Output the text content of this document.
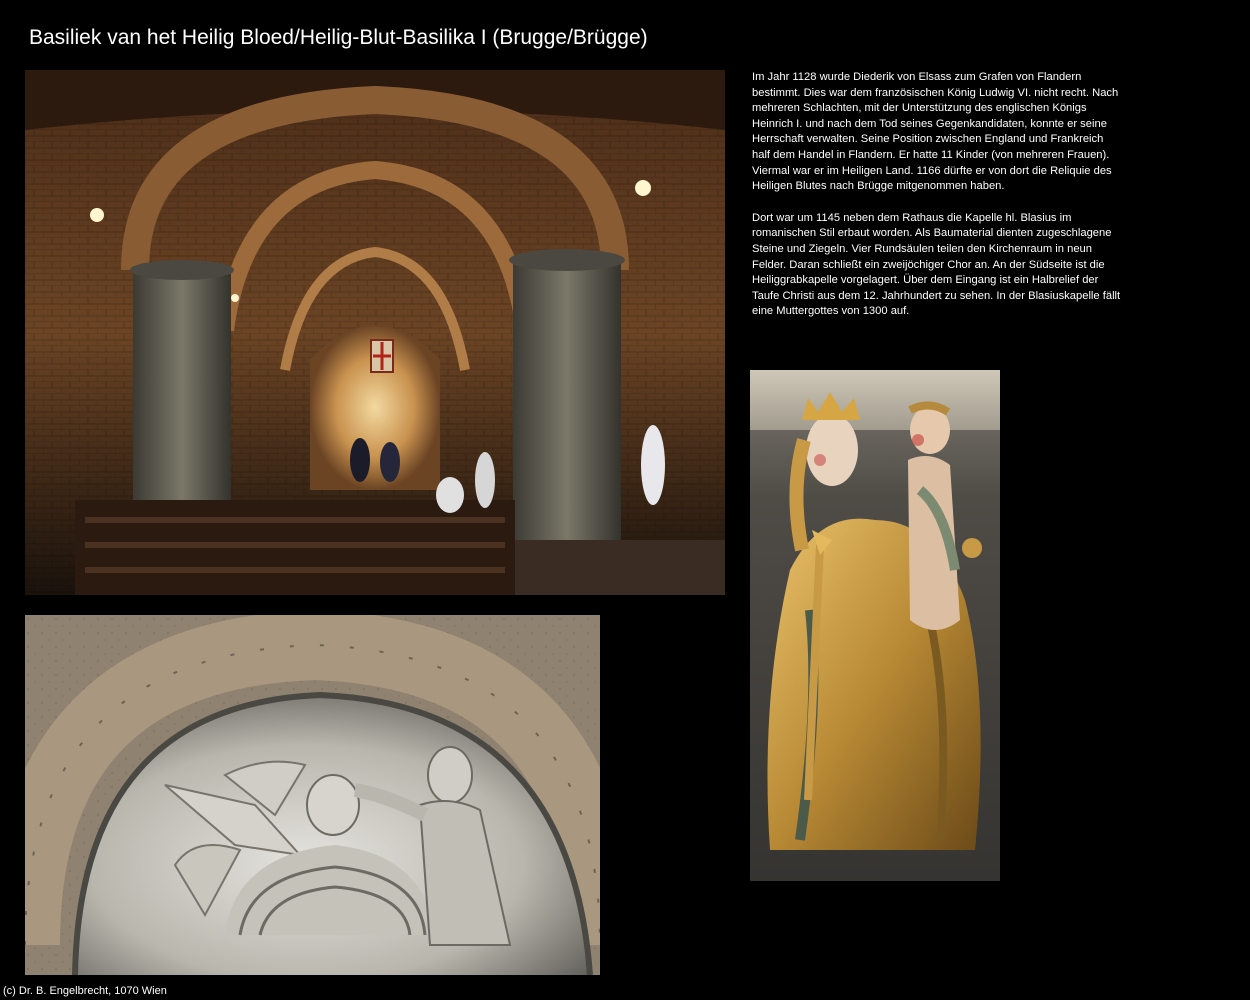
Basiliek van het Heilig Bloed/Heilig-Blut-Basilika I (Brugge/Brügge)

Im Jahr 1128 wurde Diederik von Elsass zum Grafen von Flandern bestimmt. Dies war dem französischen König Ludwig VI. nicht recht. Nach mehreren Schlachten, mit der Unterstützung des englischen Königs Heinrich I. und nach dem Tod seines Gegenkandidaten, konnte er seine Herrschaft verwalten. Seine Position zwischen England und Frankreich half dem Handel in Flandern. Er hatte 11 Kinder (von mehreren Frauen). Viermal war er im Heiligen Land. 1166 dürfte er von dort die Reliquie des Heiligen Blutes nach Brügge mitgenommen haben.

Dort war um 1145 neben dem Rathaus die Kapelle hl. Blasius im romanischen Stil erbaut worden. Als Baumaterial dienten zugeschlagene Steine und Ziegeln. Vier Rundsäulen teilen den Kirchenraum in neun Felder. Daran schließt ein zweijöchiger Chor an. An der Südseite ist die Heiliggrabkapelle vorgelagert. Über dem Eingang ist ein Halbrelief der Taufe Christi aus dem 12. Jahrhundert zu sehen. In der Blasiuskapelle fällt eine Muttergottes von 1300 auf.

(c) Dr. B. Engelbrecht, 1070 Wien
